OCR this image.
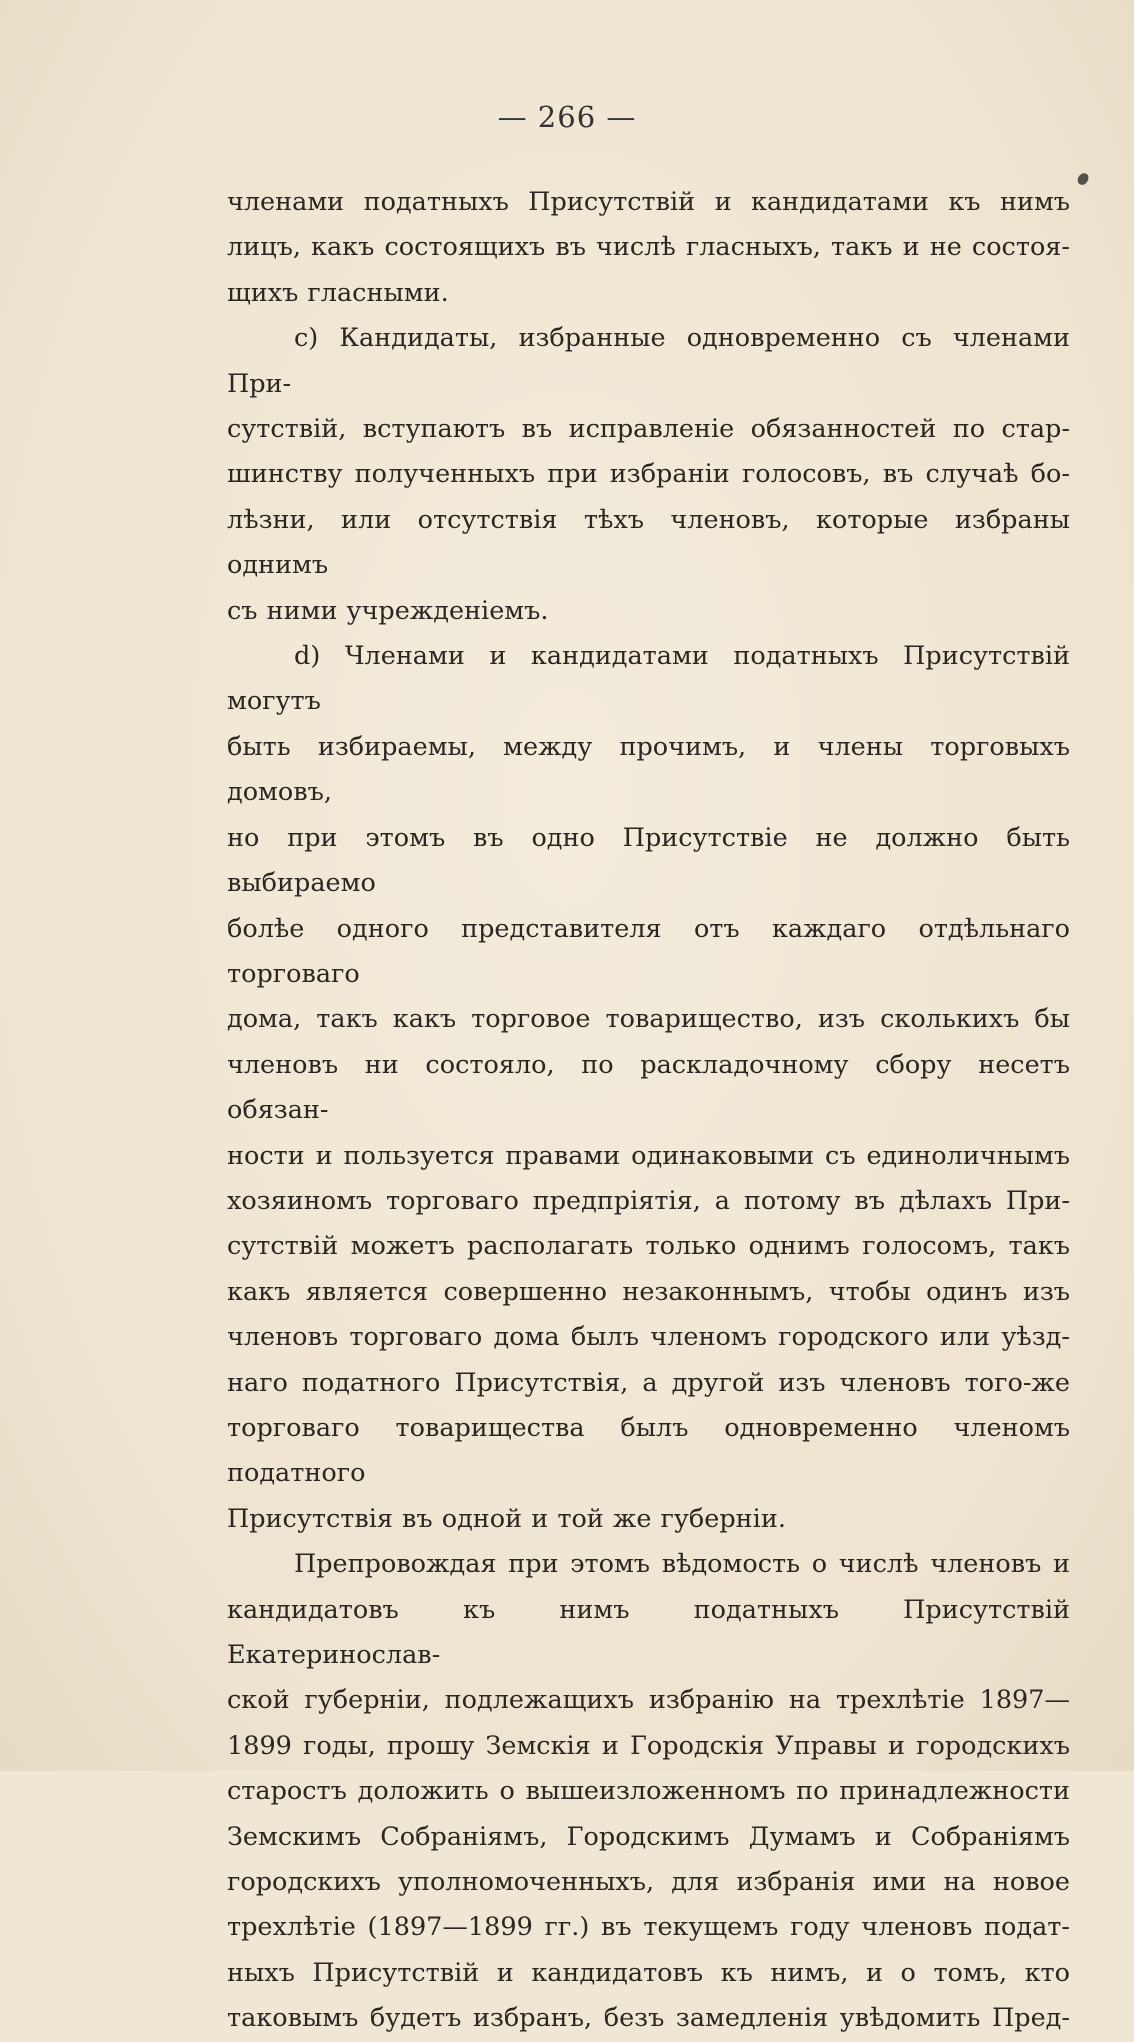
— 266 —

членами податныхъ Присутствій и кандидатами къ нимъ

лицъ, какъ состоящихъ въ числѣ гласныхъ, такъ и не состоя-

щихъ гласными.

с) Кандидаты, избранные одновременно съ членами При-

сутствій, вступаютъ въ исправленіе обязанностей по стар-

шинству полученныхъ при избраніи голосовъ, въ случаѣ бо-

лѣзни, или отсутствія тѣхъ членовъ, которые избраны однимъ

съ ними учрежденіемъ.

d) Членами и кандидатами податныхъ Присутствій могутъ

быть избираемы, между прочимъ, и члены торговыхъ домовъ,

но при этомъ въ одно Присутствіе не должно быть выбираемо

болѣе одного представителя отъ каждаго отдѣльнаго торговаго

дома, такъ какъ торговое товарищество, изъ сколькихъ бы

членовъ ни состояло, по раскладочному сбору несетъ обязан-

ности и пользуется правами одинаковыми съ единоличнымъ

хозяиномъ торговаго предпріятія, а потому въ дѣлахъ При-

сутствій можетъ располагать только однимъ голосомъ, такъ

какъ является совершенно незаконнымъ, чтобы одинъ изъ

членовъ торговаго дома былъ членомъ городского или уѣзд-

наго податного Присутствія, а другой изъ членовъ того-же

торговаго товарищества былъ одновременно членомъ податного

Присутствія въ одной и той же губерніи.

Препровождая при этомъ вѣдомость о числѣ членовъ и

кандидатовъ къ нимъ податныхъ Присутствій Екатеринослав-

ской губерніи, подлежащихъ избранію на трехлѣтіе 1897—

1899 годы, прошу Земскія и Городскія Управы и городскихъ

старостъ доложить о вышеизложенномъ по принадлежности

Земскимъ Собраніямъ, Городскимъ Думамъ и Собраніямъ

городскихъ уполномоченныхъ, для избранія ими на новое

трехлѣтіе (1897—1899 гг.) въ текущемъ году членовъ подат-

ныхъ Присутствій и кандидатовъ къ нимъ, и о томъ, кто

таковымъ будетъ избранъ, безъ замедленія увѣдомить Пред-
